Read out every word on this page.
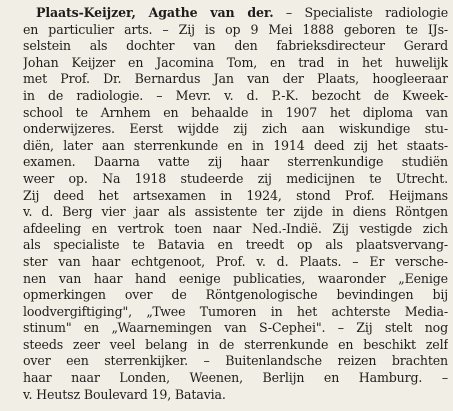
Plaats-Keijzer, Agathe van der. – Specialiste radiologie
en particulier arts. – Zij is op 9 Mei 1888 geboren te IJs-
selstein als dochter van den fabrieksdirecteur Gerard
Johan Keijzer en Jacomina Tom, en trad in het huwelijk
met Prof. Dr. Bernardus Jan van der Plaats, hoogleeraar
in de radiologie. – Mevr. v. d. P.-K. bezocht de Kweek-
school te Arnhem en behaalde in 1907 het diploma van
onderwijzeres. Eerst wijdde zij zich aan wiskundige stu-
diën, later aan sterrenkunde en in 1914 deed zij het staats-
examen. Daarna vatte zij haar sterrenkundige studiën
weer op. Na 1918 studeerde zij medicijnen te Utrecht.
Zij deed het artsexamen in 1924, stond Prof. Heijmans
v. d. Berg vier jaar als assistente ter zijde in diens Röntgen
afdeeling en vertrok toen naar Ned.-Indië. Zij vestigde zich
als specialiste te Batavia en treedt op als plaatsvervang-
ster van haar echtgenoot, Prof. v. d. Plaats. – Er versche-
nen van haar hand eenige publicaties, waaronder „Eenige
opmerkingen over de Röntgenologische bevindingen bij
loodvergiftiging", „Twee Tumoren in het achterste Media-
stinum" en „Waarnemingen van S-Cephei". – Zij stelt nog
steeds zeer veel belang in de sterrenkunde en beschikt zelf
over een sterrenkijker. – Buitenlandsche reizen brachten
haar naar Londen, Weenen, Berlijn en Hamburg. –
v. Heutsz Boulevard 19, Batavia.
